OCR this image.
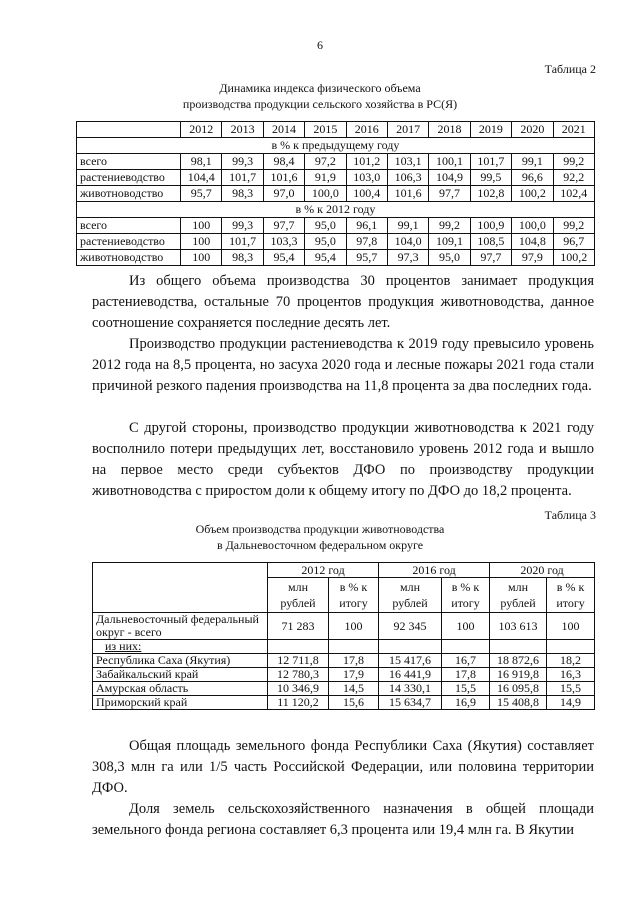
6
Таблица 2
Динамика индекса физического объема
производства продукции сельского хозяйства в РС(Я)
	2012	2013	2014	2015	2016	2017	2018	2019	2020	2021
в % к предыдущему году										
всего	98,1	99,3	98,4	97,2	101,2	103,1	100,1	101,7	99,1	99,2
растениеводство	104,4	101,7	101,6	91,9	103,0	106,3	104,9	99,5	96,6	92,2
животноводство	95,7	98,3	97,0	100,0	100,4	101,6	97,7	102,8	100,2	102,4
в % к 2012 году										
всего	100	99,3	97,7	95,0	96,1	99,1	99,2	100,9	100,0	99,2
растениеводство	100	101,7	103,3	95,0	97,8	104,0	109,1	108,5	104,8	96,7
животноводство	100	98,3	95,4	95,4	95,7	97,3	95,0	97,7	97,9	100,2

Из общего объема производства 30 процентов занимает продукция растениеводства, остальные 70 процентов продукция животноводства, данное соотношение сохраняется последние десять лет.

Производство продукции растениеводства к 2019 году превысило уровень 2012 года на 8,5 процента, но засуха 2020 года и лесные пожары 2021 года стали причиной резкого падения производства на 11,8 процента за два последних года.

С другой стороны, производство продукции животноводства к 2021 году восполнило потери предыдущих лет, восстановило уровень 2012 года и вышло на первое место среди субъектов ДФО по производству продукции животноводства с приростом доли к общему итогу по ДФО до 18,2 процента.

Таблица 3
Объем производства продукции животноводства
в Дальневосточном федеральном округе
	2012 год		2016 год		2020 год	
	млн рублей	в % к итогу	млн рублей	в % к итогу	млн рублей	в % к итогу
Дальневосточный федеральный округ - всего	71 283	100	92 345	100	103 613	100
из них:						
Республика Саха (Якутия)	12 711,8	17,8	15 417,6	16,7	18 872,6	18,2
Забайкальский край	12 780,3	17,9	16 441,9	17,8	16 919,8	16,3
Амурская область	10 346,9	14,5	14 330,1	15,5	16 095,8	15,5
Приморский край	11 120,2	15,6	15 634,7	16,9	15 408,8	14,9

Общая площадь земельного фонда Республики Саха (Якутия) составляет 308,3 млн га или 1/5 часть Российской Федерации, или половина территории ДФО.

Доля земель сельскохозяйственного назначения в общей площади земельного фонда региона составляет 6,3 процента или 19,4 млн га. В Якутии
